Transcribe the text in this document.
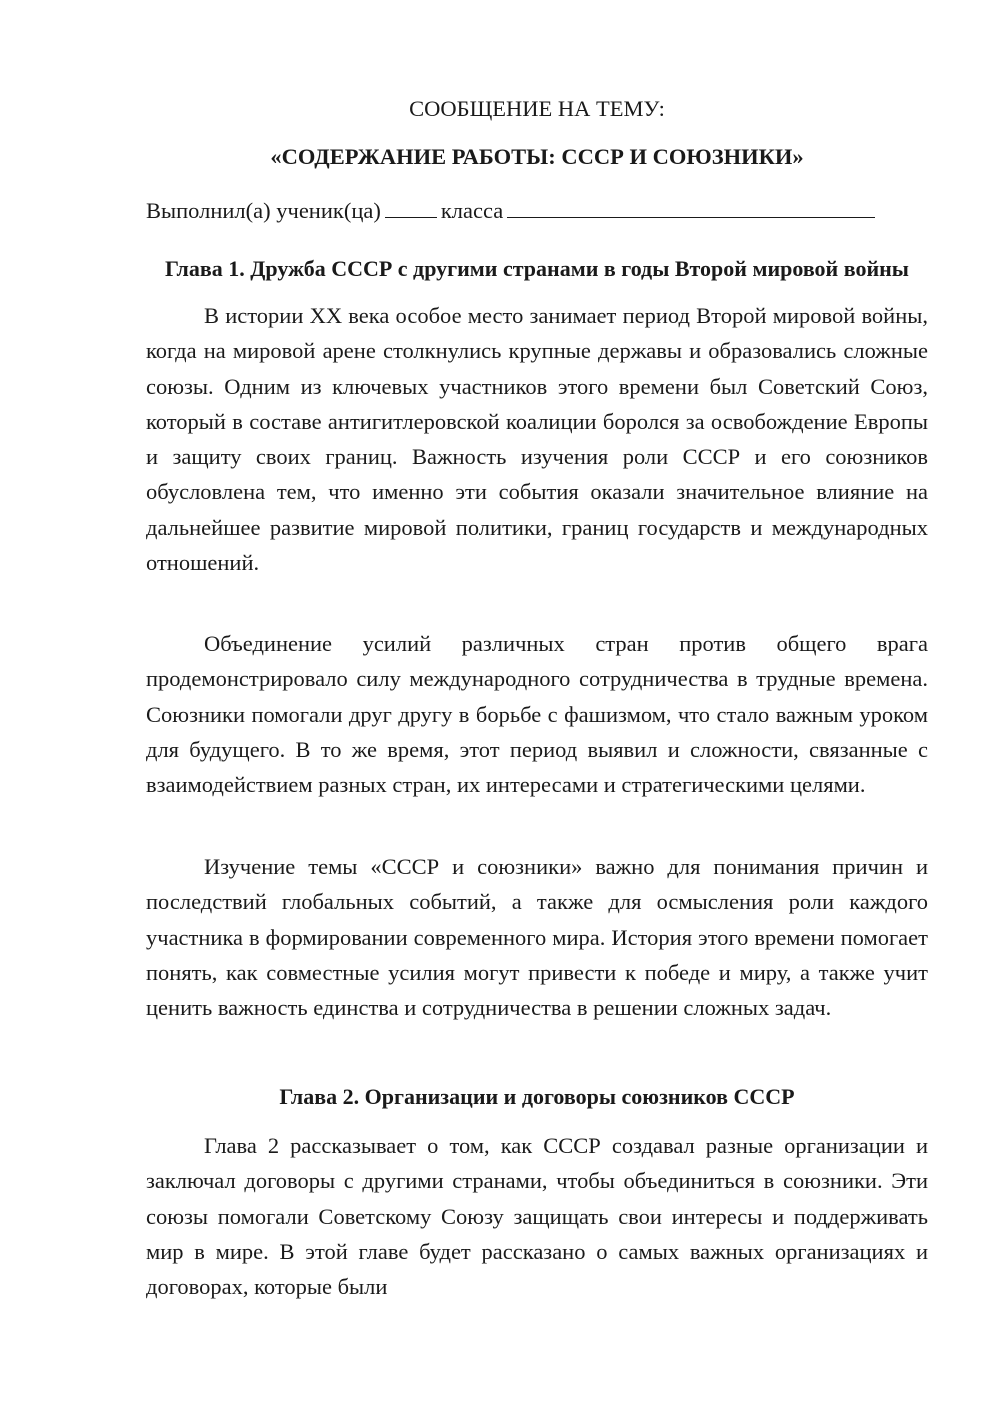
СООБЩЕНИЕ НА ТЕМУ:
«СОДЕРЖАНИЕ РАБОТЫ: СССР И СОЮЗНИКИ»
Выполнил(а) ученик(ца)	класса
Глава 1. Дружба СССР с другими странами в годы Второй мировой войны

В истории XX века особое место занимает период Второй мировой войны, когда на мировой арене столкнулись крупные державы и образовались сложные союзы. Одним из ключевых участников этого времени был Советский Союз, который в составе антигитлеровской коалиции боролся за освобождение Европы и защиту своих границ. Важность изучения роли СССР и его союзников обусловлена тем, что именно эти события оказали значительное влияние на дальнейшее развитие мировой политики, границ государств и международных отношений.

Объединение усилий различных стран против общего врага продемонстрировало силу международного сотрудничества в трудные времена. Союзники помогали друг другу в борьбе с фашизмом, что стало важным уроком для будущего. В то же время, этот период выявил и сложности, связанные с взаимодействием разных стран, их интересами и стратегическими целями.

Изучение темы «СССР и союзники» важно для понимания причин и последствий глобальных событий, а также для осмысления роли каждого участника в формировании современного мира. История этого времени помогает понять, как совместные усилия могут привести к победе и миру, а также учит ценить важность единства и сотрудничества в решении сложных задач.

Глава 2. Организации и договоры союзников СССР

Глава 2 рассказывает о том, как СССР создавал разные организации и заключал договоры с другими странами, чтобы объединиться в союзники. Эти союзы помогали Советскому Союзу защищать свои интересы и поддерживать мир в мире. В этой главе будет рассказано о самых важных организациях и договорах, которые были
